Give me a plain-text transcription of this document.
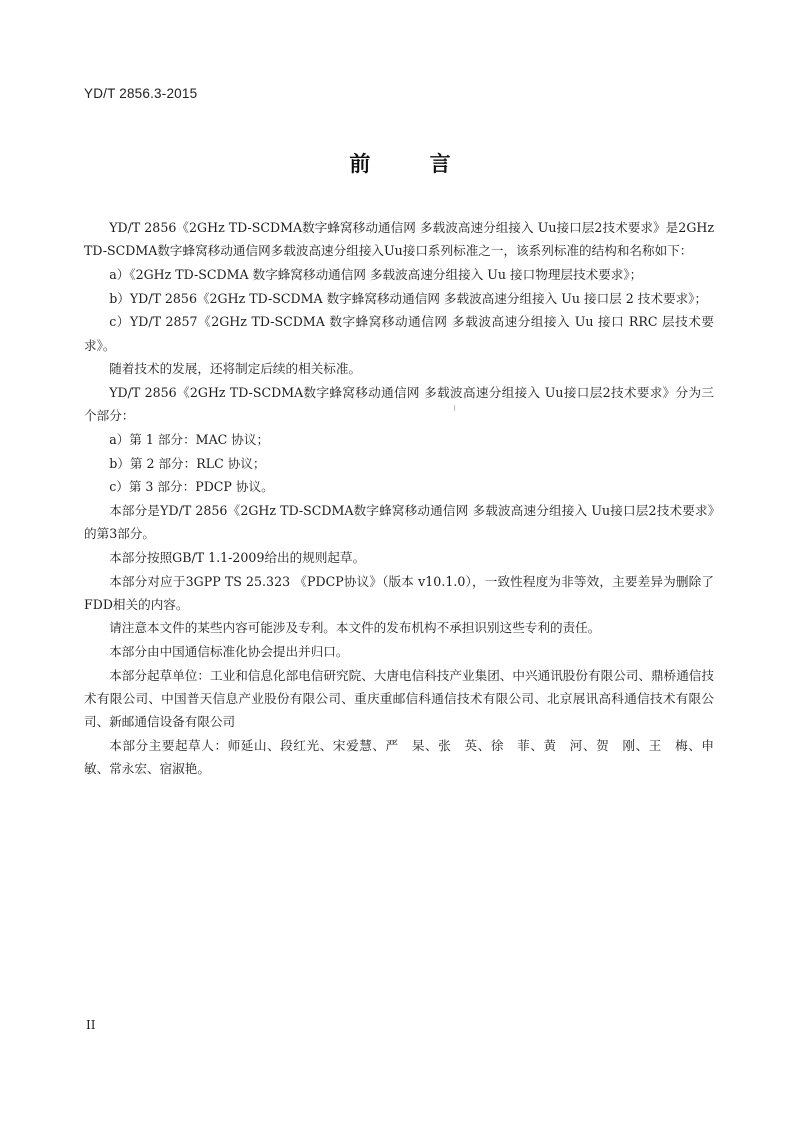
YD/T 2856.3-2015
前 言

YD/T 2856《2GHz TD-SCDMA数字蜂窝移动通信网 多载波高速分组接入 Uu接口层2技术要求》是2GHz TD-SCDMA数字蜂窝移动通信网多载波高速分组接入Uu接口系列标准之一，该系列标准的结构和名称如下：

a）《2GHz TD-SCDMA 数字蜂窝移动通信网 多载波高速分组接入 Uu 接口物理层技术要求》；

b）YD/T 2856《2GHz TD-SCDMA 数字蜂窝移动通信网 多载波高速分组接入 Uu 接口层 2 技术要求》；

c）YD/T 2857《2GHz TD-SCDMA 数字蜂窝移动通信网 多载波高速分组接入 Uu 接口 RRC 层技术要求》。

随着技术的发展，还将制定后续的相关标准。

YD/T 2856《2GHz TD-SCDMA数字蜂窝移动通信网 多载波高速分组接入 Uu接口层2技术要求》分为三个部分：

a）第 1 部分：MAC 协议；

b）第 2 部分：RLC 协议；

c）第 3 部分：PDCP 协议。

本部分是YD/T 2856《2GHz TD-SCDMA数字蜂窝移动通信网 多载波高速分组接入 Uu接口层2技术要求》的第3部分。

本部分按照GB/T 1.1-2009给出的规则起草。

本部分对应于3GPP TS 25.323 《PDCP协议》（版本 v10.1.0），一致性程度为非等效，主要差异为删除了FDD相关的内容。

请注意本文件的某些内容可能涉及专利。本文件的发布机构不承担识别这些专利的责任。

本部分由中国通信标准化协会提出并归口。

本部分起草单位：工业和信息化部电信研究院、大唐电信科技产业集团、中兴通讯股份有限公司、鼎桥通信技术有限公司、中国普天信息产业股份有限公司、重庆重邮信科通信技术有限公司、北京展讯高科通信技术有限公司、新邮通信设备有限公司

本部分主要起草人：师延山、段红光、宋爱慧、严　杲、张　英、徐　菲、黄　河、贺　刚、王　梅、申　敏、常永宏、宿淑艳。

II
